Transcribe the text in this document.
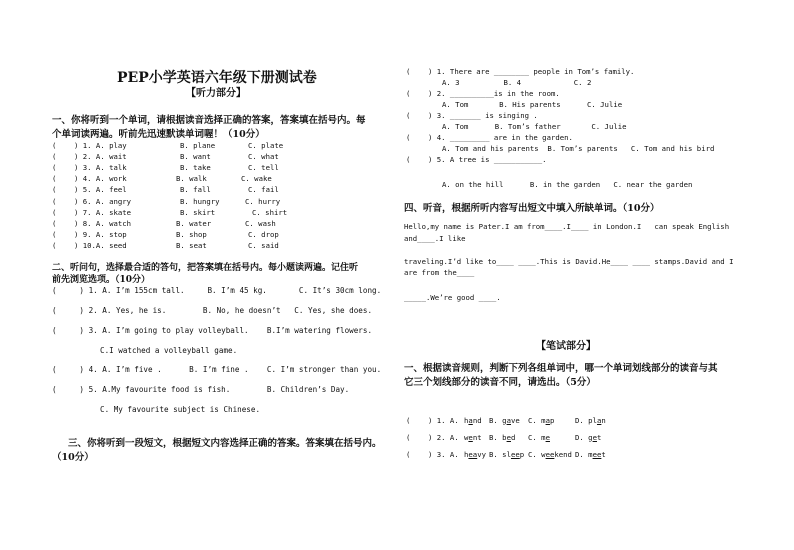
PEP小学英语六年级下册测试卷
【听力部分】
一、你将听到一个单词，请根据读音选择正确的答案，答案填在括号内。每
个单词读两遍。听前先迅速默读单词喔！（10分）
(    ) 1. A. play	B. plane	C. plate
(    ) 2. A. wait	B. want	C. what
(    ) 3. A. talk	B. take	C. tell
(    ) 4. A. work	B. walk	C. wake
(    ) 5. A. feel	B. fall	C. fail
(    ) 6. A. angry	B. hungry	C. hurry
(    ) 7. A. skate	B. skirt	C. shirt
(    ) 8. A. watch	B. water	C. wash
(    ) 9. A. stop	B. shop	C. drop
(    ) 10.A. seed	B. seat	C. said
二、听问句，选择最合适的答句，把答案填在括号内。每小题读两遍。记住听
前先浏览选项。（10分）
(     ) 1. A. I’m 155cm tall.     B. I’m 45 kg.       C. It’s 30cm long.
(     ) 2. A. Yes, he is.        B. No, he doesn’t   C. Yes, she does.
(     ) 3. A. I’m going to play volleyball.    B.I’m watering flowers.
C.I watched a volleyball game.
(     ) 4. A. I’m five .      B. I’m fine .    C. I’m stronger than you.
(     ) 5. A.My favourite food is fish.        B. Children’s Day.
C. My favourite subject is Chinese.
三、你将听到一段短文，根据短文内容选择正确的答案。答案填在括号内。
（10分）
(    ) 1. There are ________ people in Tom’s family.
A. 3          B. 4            C. 2
(    ) 2. __________is in the room.
A. Tom       B. His parents      C. Julie
(    ) 3. _______ is singing .
A. Tom      B. Tom’s father       C. Julie
(    ) 4. _________ are in the garden.
A. Tom and his parents  B. Tom’s parents   C. Tom and his bird
(    ) 5. A tree is ___________.
A. on the hill      B. in the garden   C. near the garden
四、听音，根据所听内容写出短文中填入所缺单词。（10分）
Hello,my name is Pater.I am from____.I____ in London.I   can speak English
and____.I like
traveling.I’d like to____ ____.This is David.He____ ____ stamps.David and I
are from the____
_____.We’re good ____.
【笔试部分】
一、根据读音规则，判断下列各组单词中，哪一个单词划线部分的读音与其
它三个划线部分的读音不同，请选出。（5分）
(    ) 1. A. hand B. gave C. map	D. plan
(    ) 2. A. went B. bed C. me	D. get
(    ) 3. A. heavy B. sleep C. weekend D. meet
